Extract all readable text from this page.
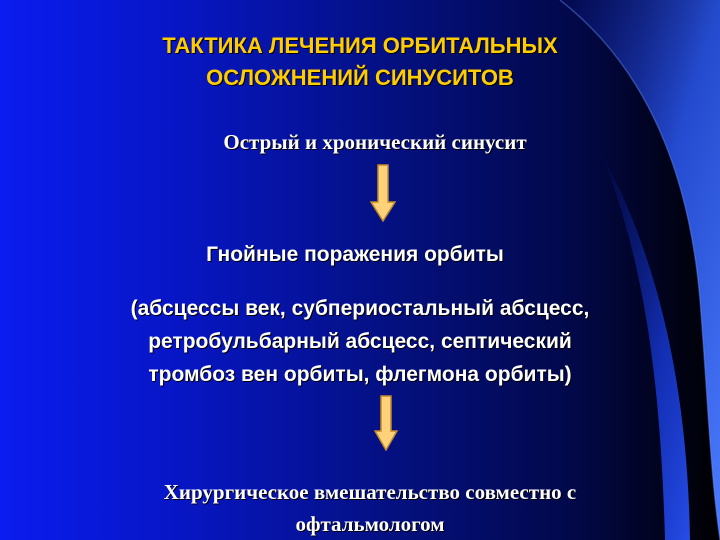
ТАКТИКА ЛЕЧЕНИЯ ОРБИТАЛЬНЫХ
ОСЛОЖНЕНИЙ СИНУСИТОВ
Острый и хронический синусит
Гнойные поражения орбиты
(абсцессы век, субпериостальный абсцесс,
ретробульбарный абсцесс, септический
тромбоз вен орбиты, флегмона орбиты)
Хирургическое вмешательство совместно с
офтальмологом
